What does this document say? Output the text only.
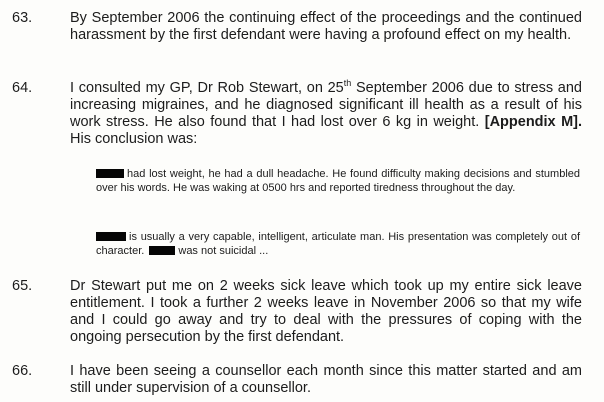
63.	By September 2006 the continuing effect of the proceedings and the continued harassment by the first defendant were having a profound effect on my health.
64.	I consulted my GP, Dr Rob Stewart, on 25th September 2006 due to stress and increasing migraines, and he diagnosed significant ill health as a result of his work stress. He also found that I had lost over 6 kg in weight. [Appendix M]. His conclusion was:
had lost weight, he had a dull headache. He found difficulty making decisions and stumbled over his words. He was waking at 0500 hrs and reported tiredness throughout the day.
is usually a very capable, intelligent, articulate man. His presentation was completely out of character.	was not suicidal ...
65.	Dr Stewart put me on 2 weeks sick leave which took up my entire sick leave entitlement. I took a further 2 weeks leave in November 2006 so that my wife and I could go away and try to deal with the pressures of coping with the ongoing persecution by the first defendant.
66.	I have been seeing a counsellor each month since this matter started and am still under supervision of a counsellor.
